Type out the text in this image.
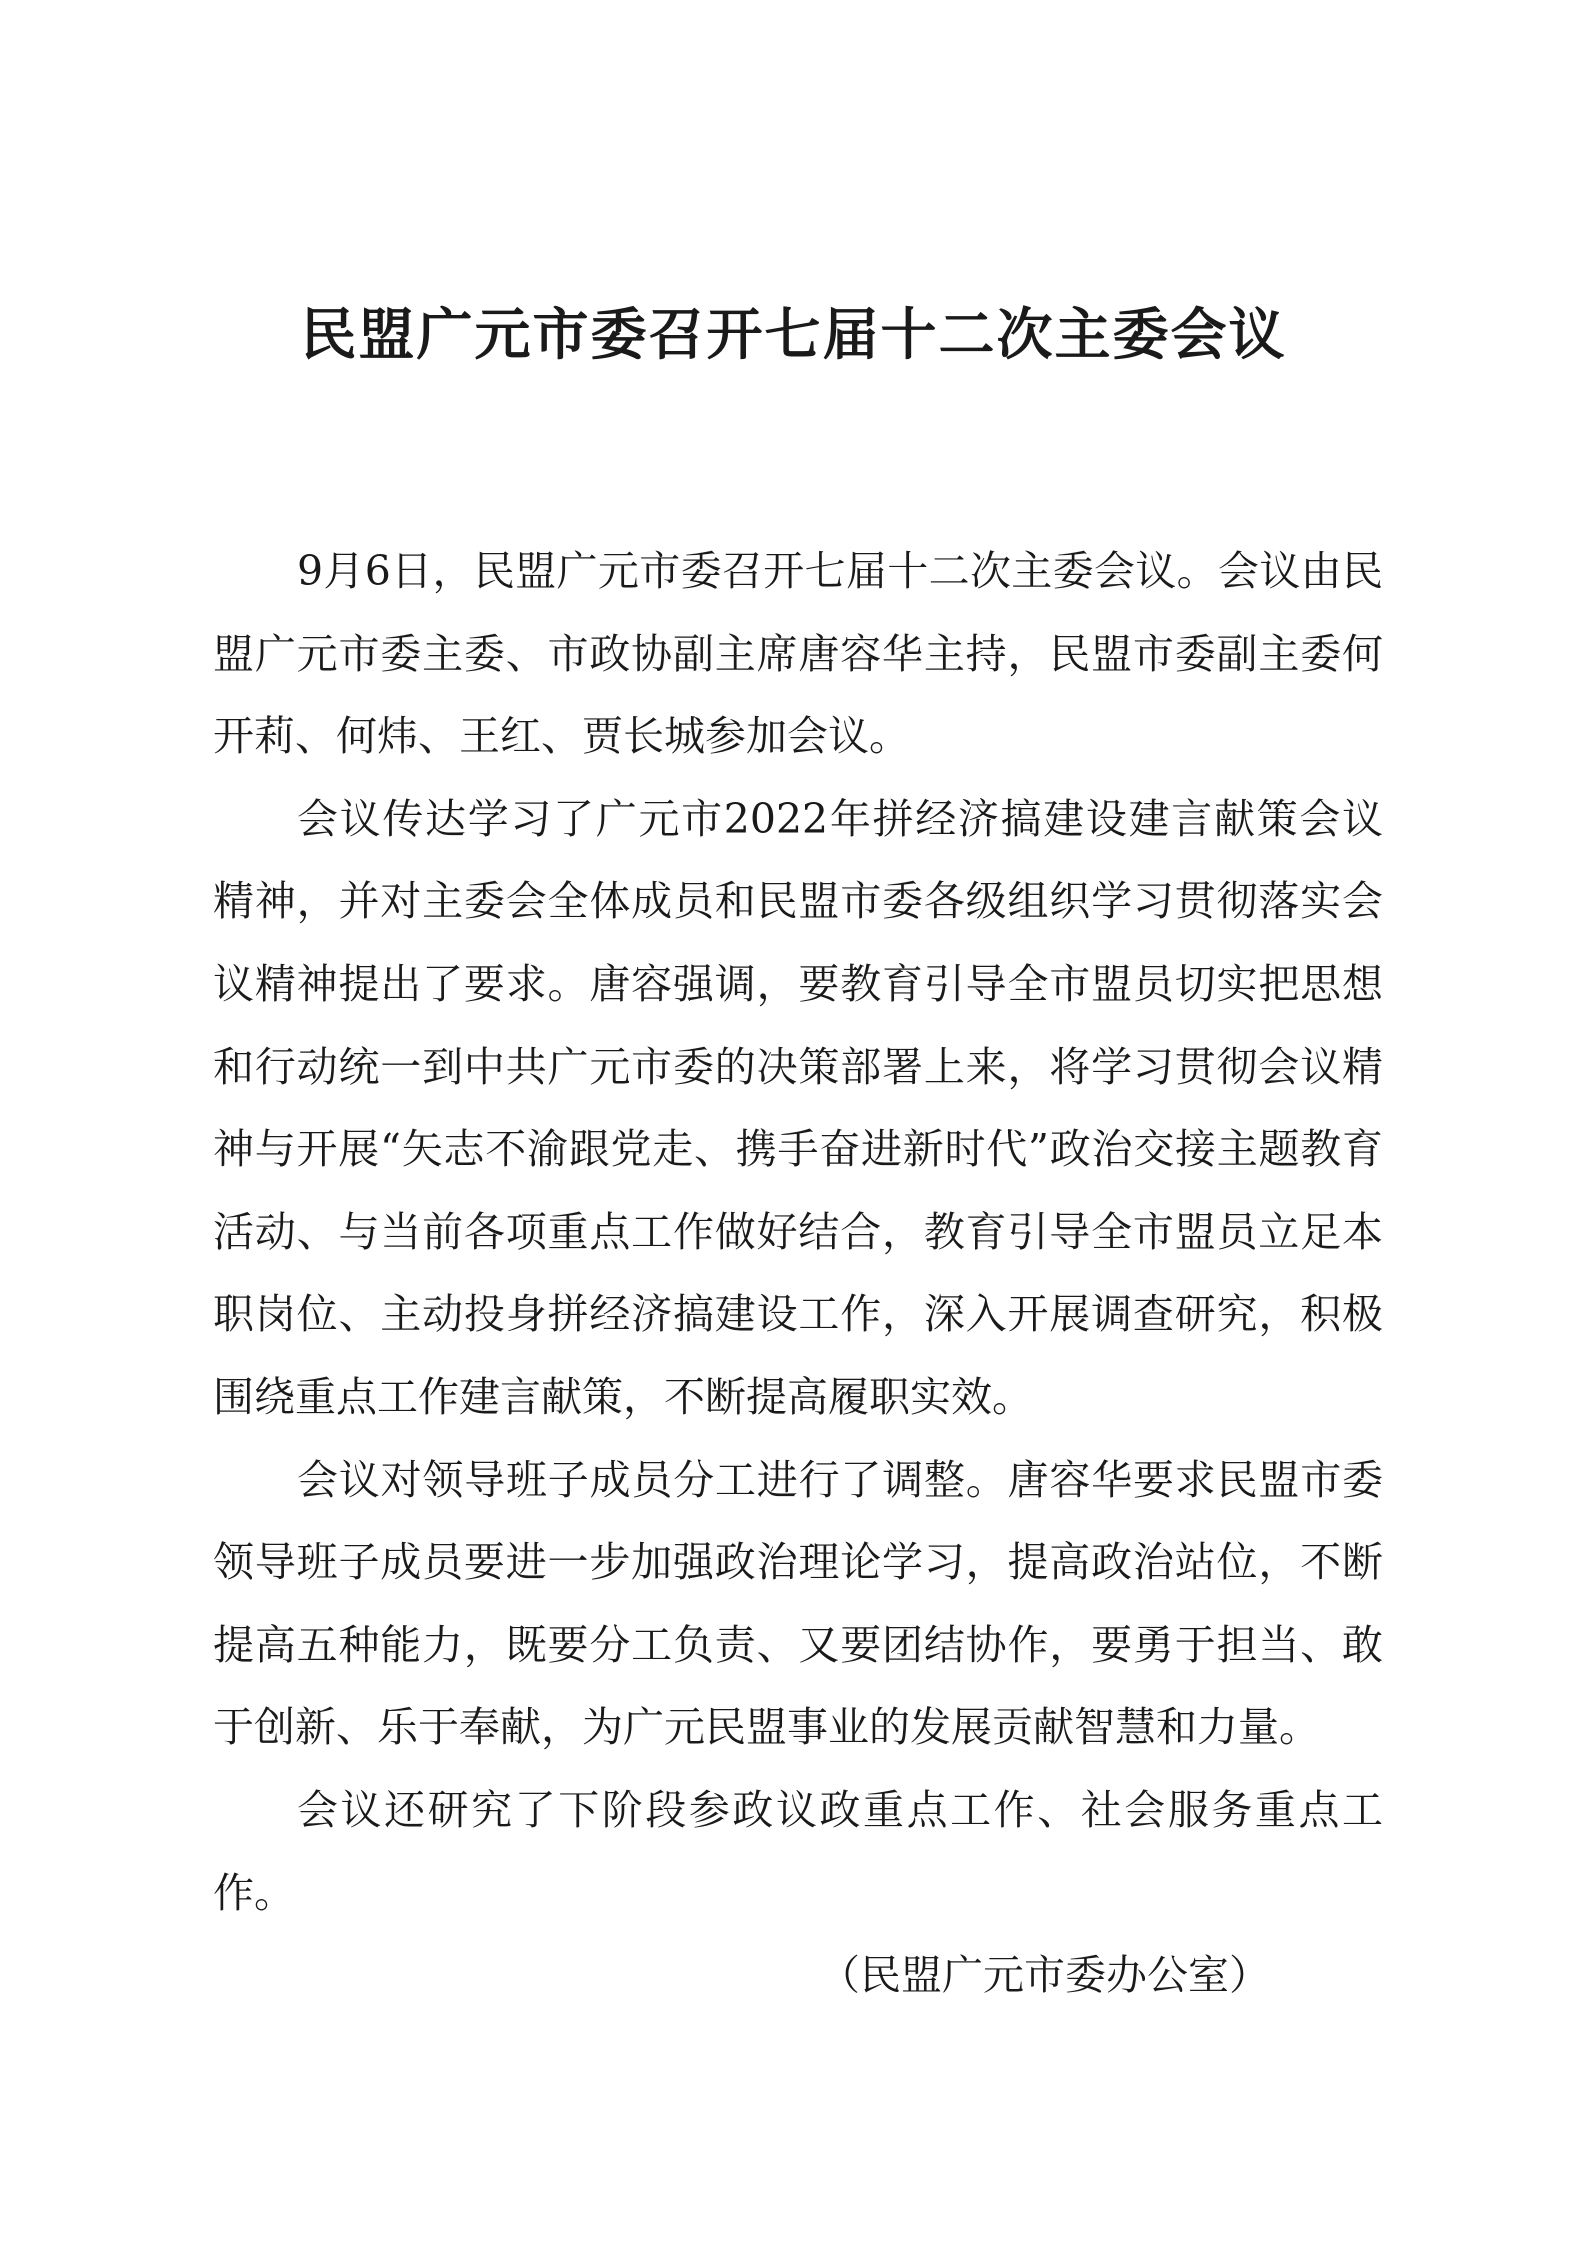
民盟广元市委召开七届十二次主委会议

9月6日，民盟广元市委召开七届十二次主委会议。会议由民盟广元市委主委、市政协副主席唐容华主持，民盟市委副主委何开莉、何炜、王红、贾长城参加会议。

会议传达学习了广元市2022年拼经济搞建设建言献策会议精神，并对主委会全体成员和民盟市委各级组织学习贯彻落实会议精神提出了要求。唐容强调，要教育引导全市盟员切实把思想和行动统一到中共广元市委的决策部署上来，将学习贯彻会议精神与开展“矢志不渝跟党走、携手奋进新时代”政治交接主题教育活动、与当前各项重点工作做好结合，教育引导全市盟员立足本职岗位、主动投身拼经济搞建设工作，深入开展调查研究，积极围绕重点工作建言献策，不断提高履职实效。

会议对领导班子成员分工进行了调整。唐容华要求民盟市委领导班子成员要进一步加强政治理论学习，提高政治站位，不断提高五种能力，既要分工负责、又要团结协作，要勇于担当、敢于创新、乐于奉献，为广元民盟事业的发展贡献智慧和力量。

会议还研究了下阶段参政议政重点工作、社会服务重点工作。

（民盟广元市委办公室）
